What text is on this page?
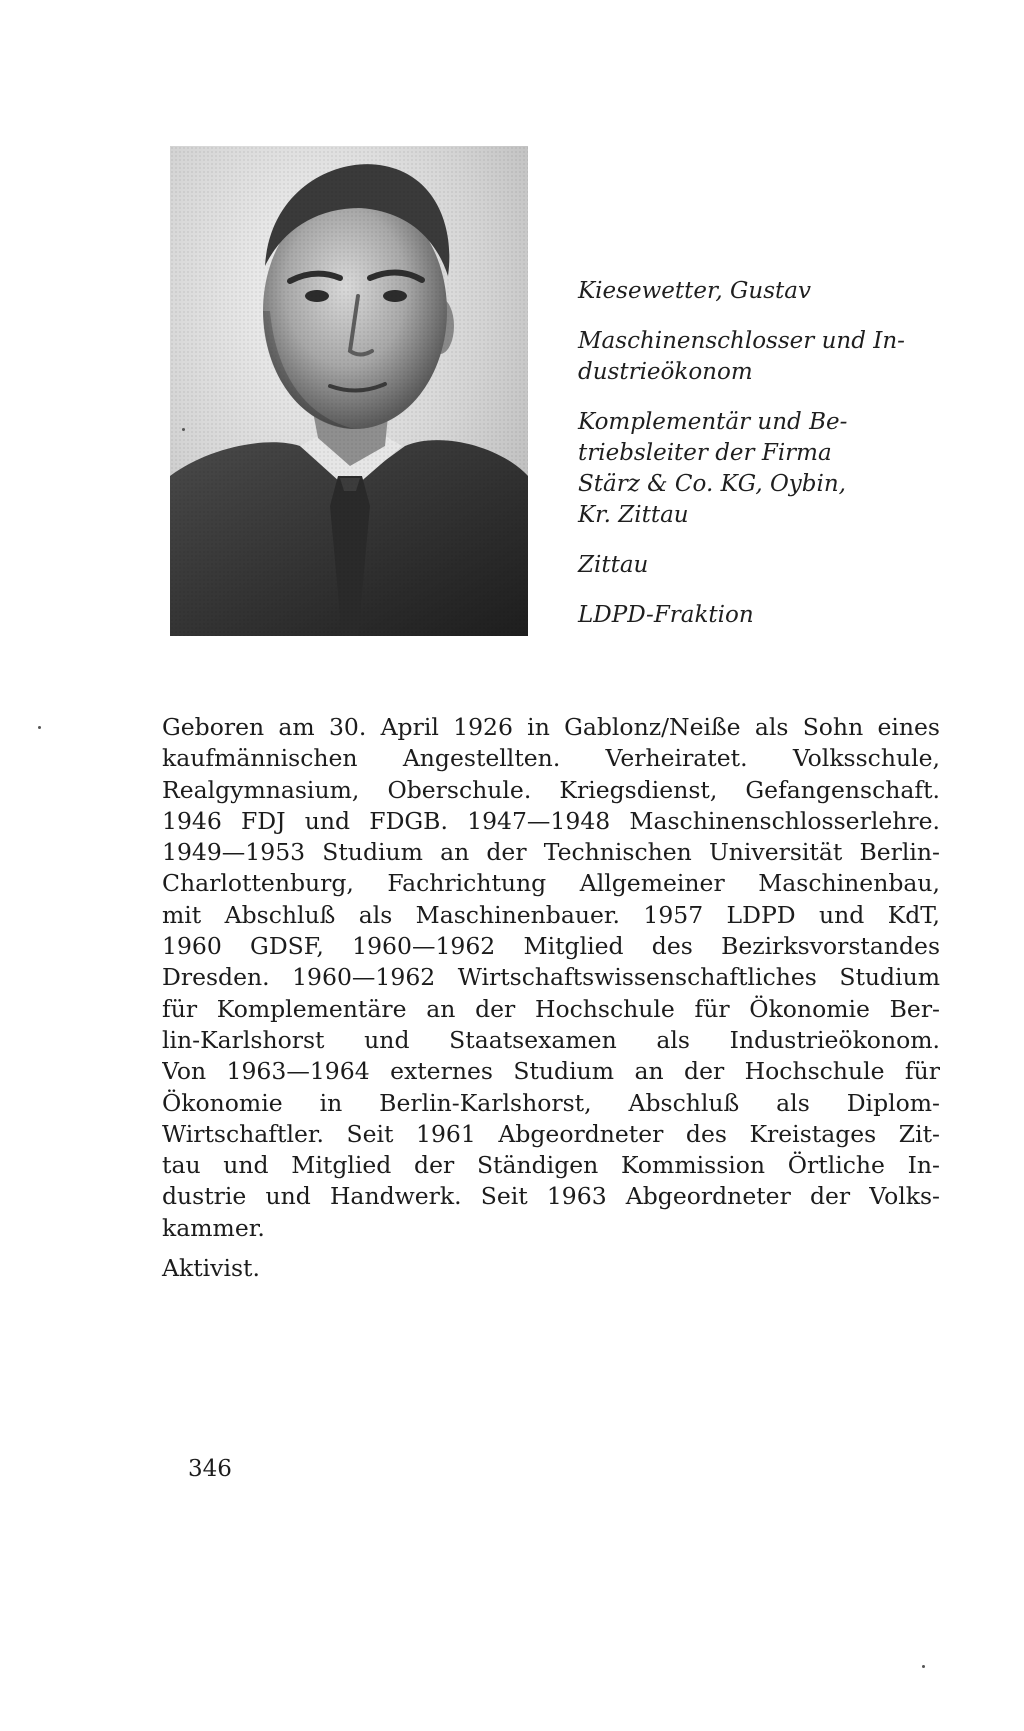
Kiesewetter, Gustav
Maschinenschlosser und In-
dustrieökonom
Komplementär und Be-
triebsleiter der Firma
Stärz & Co. KG, Oybin,
Kr. Zittau
Zittau
LDPD-Fraktion
Geboren am 30. April 1926 in Gablonz/Neiße als Sohn eines
kaufmännischen Angestellten. Verheiratet. Volksschule,
Realgymnasium, Oberschule. Kriegsdienst, Gefangenschaft.
1946 FDJ und FDGB. 1947—1948 Maschinenschlosserlehre.
1949—1953 Studium an der Technischen Universität Berlin-
Charlottenburg, Fachrichtung Allgemeiner Maschinenbau,
mit Abschluß als Maschinenbauer. 1957 LDPD und KdT,
1960 GDSF, 1960—1962 Mitglied des Bezirksvorstandes
Dresden. 1960—1962 Wirtschaftswissenschaftliches Studium
für Komplementäre an der Hochschule für Ökonomie Ber-
lin-Karlshorst und Staatsexamen als Industrieökonom.
Von 1963—1964 externes Studium an der Hochschule für
Ökonomie in Berlin-Karlshorst, Abschluß als Diplom-
Wirtschaftler. Seit 1961 Abgeordneter des Kreistages Zit-
tau und Mitglied der Ständigen Kommission Örtliche In-
dustrie und Handwerk. Seit 1963 Abgeordneter der Volks-
kammer.
Aktivist.
346
